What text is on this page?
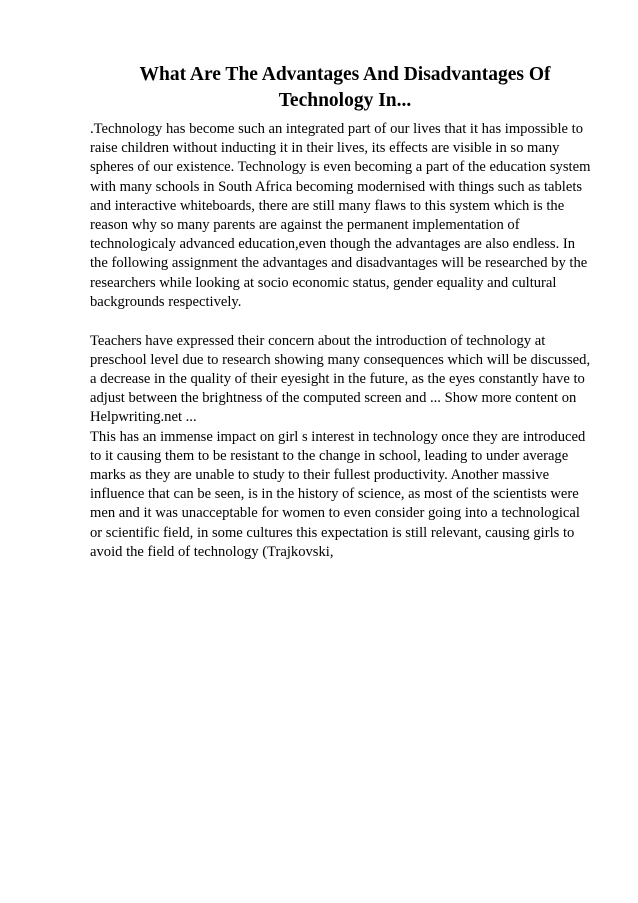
What Are The Advantages And Disadvantages Of
Technology In...

.Technology has become such an integrated part of our lives that it has impossible to
raise children without inducting it in their lives, its effects are visible in so many
spheres of our existence. Technology is even becoming a part of the education system
with many schools in South Africa becoming modernised with things such as tablets
and interactive whiteboards, there are still many flaws to this system which is the
reason why so many parents are against the permanent implementation of
technologicaly advanced education,even though the advantages are also endless. In
the following assignment the advantages and disadvantages will be researched by the
researchers while looking at socio economic status, gender equality and cultural
backgrounds respectively.

Teachers have expressed their concern about the introduction of technology at
preschool level due to research showing many consequences which will be discussed,
a decrease in the quality of their eyesight in the future, as the eyes constantly have to
adjust between the brightness of the computed screen and ... Show more content on
Helpwriting.net ...
This has an immense impact on girl s interest in technology once they are introduced
to it causing them to be resistant to the change in school, leading to under average
marks as they are unable to study to their fullest productivity. Another massive
influence that can be seen, is in the history of science, as most of the scientists were
men and it was unacceptable for women to even consider going into a technological
or scientific field, in some cultures this expectation is still relevant, causing girls to
avoid the field of technology (Trajkovski,
